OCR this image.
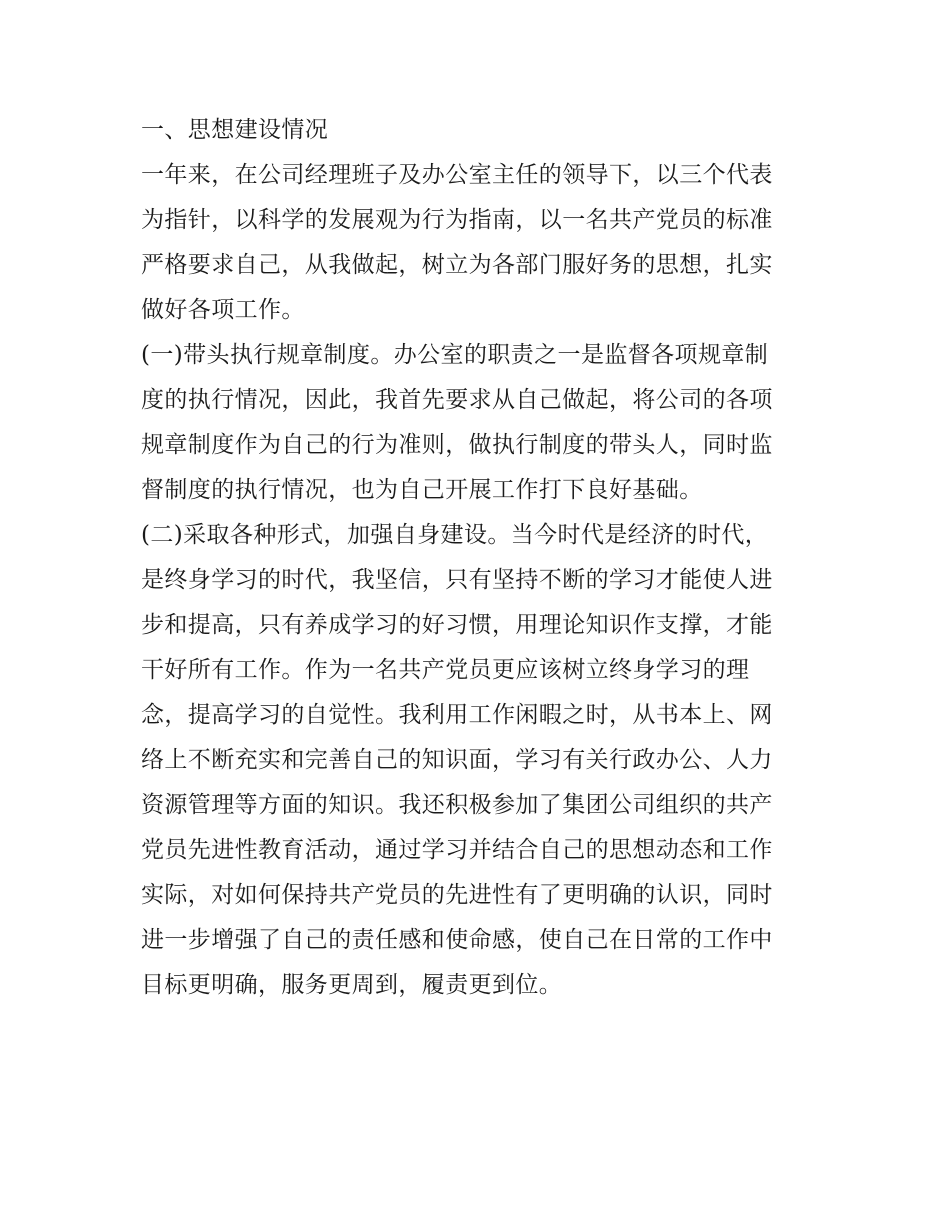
一、思想建设情况
一年来，在公司经理班子及办公室主任的领导下，以三个代表
为指针，以科学的发展观为行为指南，以一名共产党员的标准
严格要求自己，从我做起，树立为各部门服好务的思想，扎实
做好各项工作。
(一)带头执行规章制度。办公室的职责之一是监督各项规章制
度的执行情况，因此，我首先要求从自己做起，将公司的各项
规章制度作为自己的行为准则，做执行制度的带头人，同时监
督制度的执行情况，也为自己开展工作打下良好基础。
(二)采取各种形式，加强自身建设。当今时代是经济的时代，
是终身学习的时代，我坚信，只有坚持不断的学习才能使人进
步和提高，只有养成学习的好习惯，用理论知识作支撑，才能
干好所有工作。作为一名共产党员更应该树立终身学习的理
念，提高学习的自觉性。我利用工作闲暇之时，从书本上、网
络上不断充实和完善自己的知识面，学习有关行政办公、人力
资源管理等方面的知识。我还积极参加了集团公司组织的共产
党员先进性教育活动，通过学习并结合自己的思想动态和工作
实际，对如何保持共产党员的先进性有了更明确的认识，同时
进一步增强了自己的责任感和使命感，使自己在日常的工作中
目标更明确，服务更周到，履责更到位。
